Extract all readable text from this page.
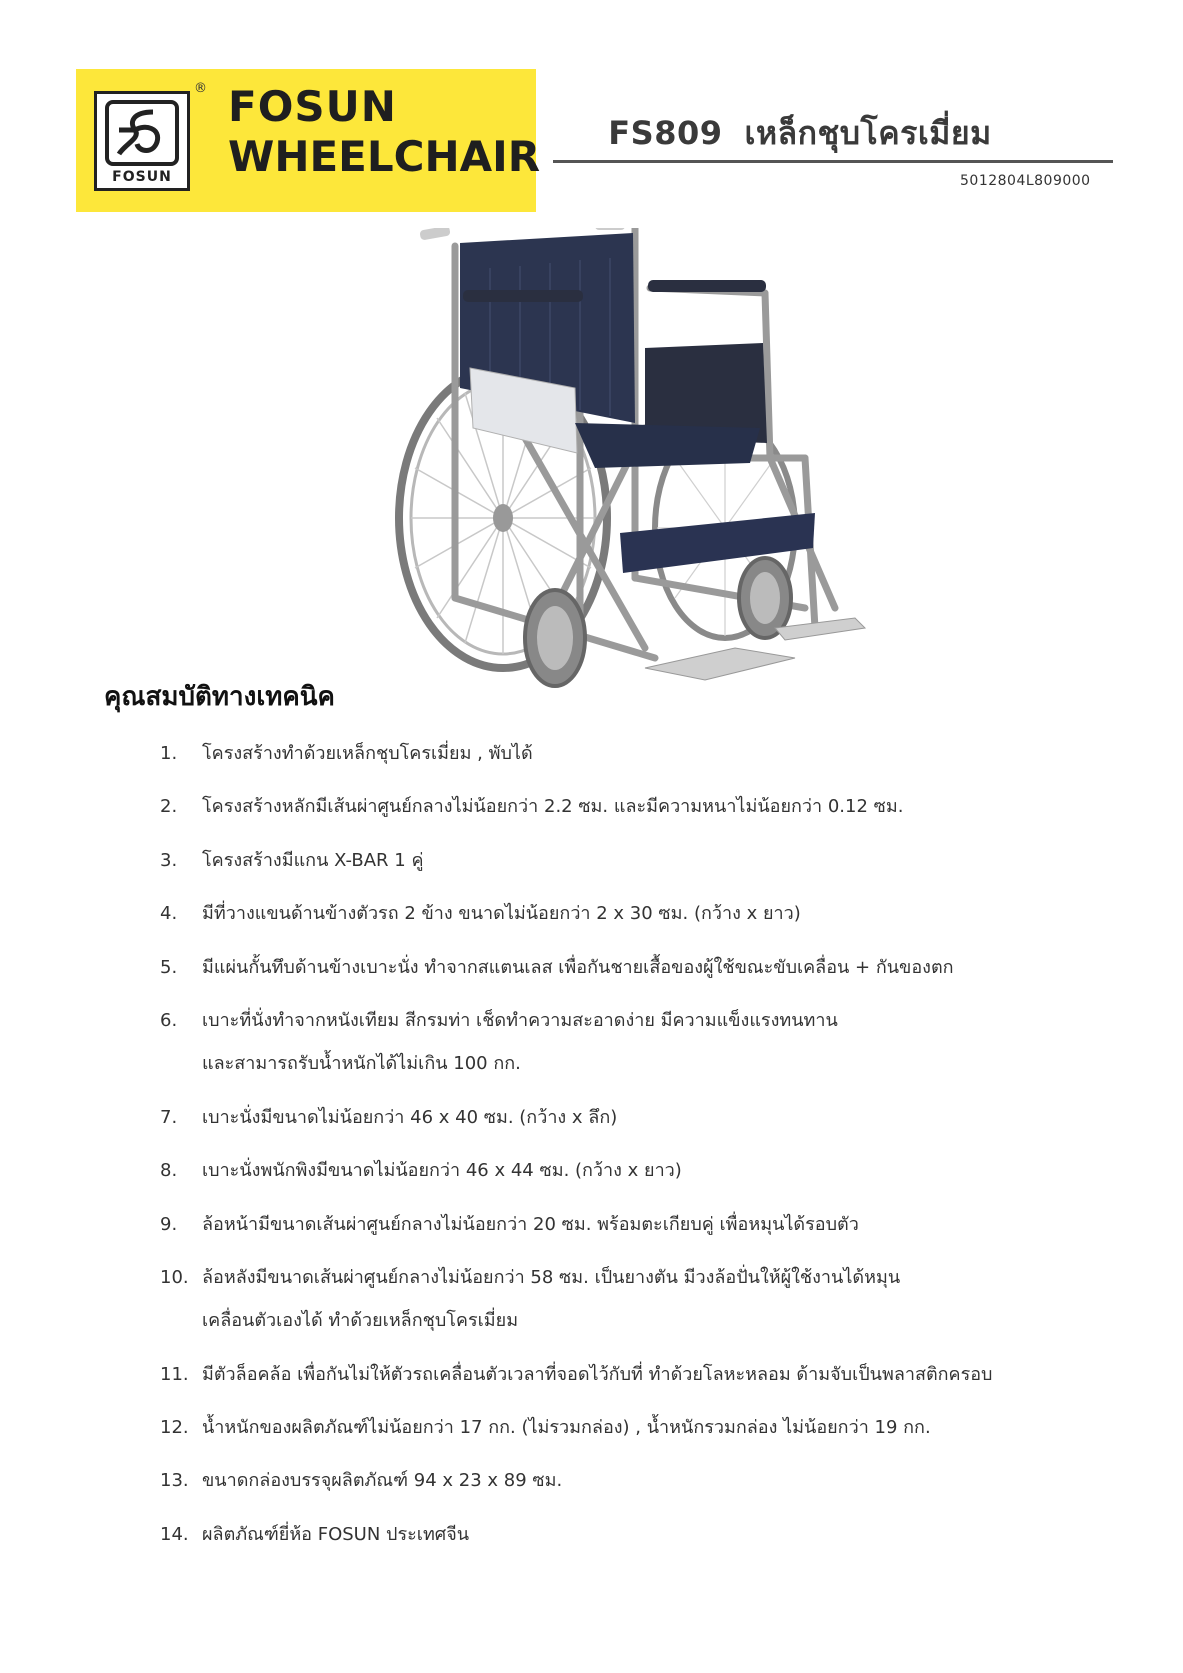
FOSUN
® FOSUN
WHEELCHAIR FS809 เหล็กชุบโครเมี่ยม
5012804L809000
คุณสมบัติทางเทคนิค
1.	โครงสร้างทำด้วยเหล็กชุบโครเมี่ยม , พับได้
2.	โครงสร้างหลักมีเส้นผ่าศูนย์กลางไม่น้อยกว่า 2.2 ซม. และมีความหนาไม่น้อยกว่า 0.12 ซม.
3.	โครงสร้างมีแกน X-BAR 1 คู่
4.	มีที่วางแขนด้านข้างตัวรถ 2 ข้าง ขนาดไม่น้อยกว่า 2 x 30 ซม. (กว้าง x ยาว)
5.	มีแผ่นกั้นทึบด้านข้างเบาะนั่ง ทำจากสแตนเลส เพื่อกันชายเสื้อของผู้ใช้ขณะขับเคลื่อน + กันของตก
6.	เบาะที่นั่งทำจากหนังเทียม สีกรมท่า เช็ดทำความสะอาดง่าย มีความแข็งแรงทนทาน
และสามารถรับน้ำหนักได้ไม่เกิน 100 กก.
7.	เบาะนั่งมีขนาดไม่น้อยกว่า 46 x 40 ซม. (กว้าง x ลึก)
8.	เบาะนั่งพนักพิงมีขนาดไม่น้อยกว่า 46 x 44 ซม. (กว้าง x ยาว)
9.	ล้อหน้ามีขนาดเส้นผ่าศูนย์กลางไม่น้อยกว่า 20 ซม. พร้อมตะเกียบคู่ เพื่อหมุนได้รอบตัว
10. ล้อหลังมีขนาดเส้นผ่าศูนย์กลางไม่น้อยกว่า 58 ซม. เป็นยางตัน มีวงล้อปั่นให้ผู้ใช้งานได้หมุน
เคลื่อนตัวเองได้ ทำด้วยเหล็กชุบโครเมี่ยม
11. มีตัวล็อคล้อ เพื่อกันไม่ให้ตัวรถเคลื่อนตัวเวลาที่จอดไว้กับที่ ทำด้วยโลหะหลอม ด้ามจับเป็นพลาสติกครอบ
12. น้ำหนักของผลิตภัณฑ์ไม่น้อยกว่า 17 กก. (ไม่รวมกล่อง) , น้ำหนักรวมกล่อง ไม่น้อยกว่า 19 กก.
13. ขนาดกล่องบรรจุผลิตภัณฑ์ 94 x 23 x 89 ซม.
14. ผลิตภัณฑ์ยี่ห้อ FOSUN ประเทศจีน
